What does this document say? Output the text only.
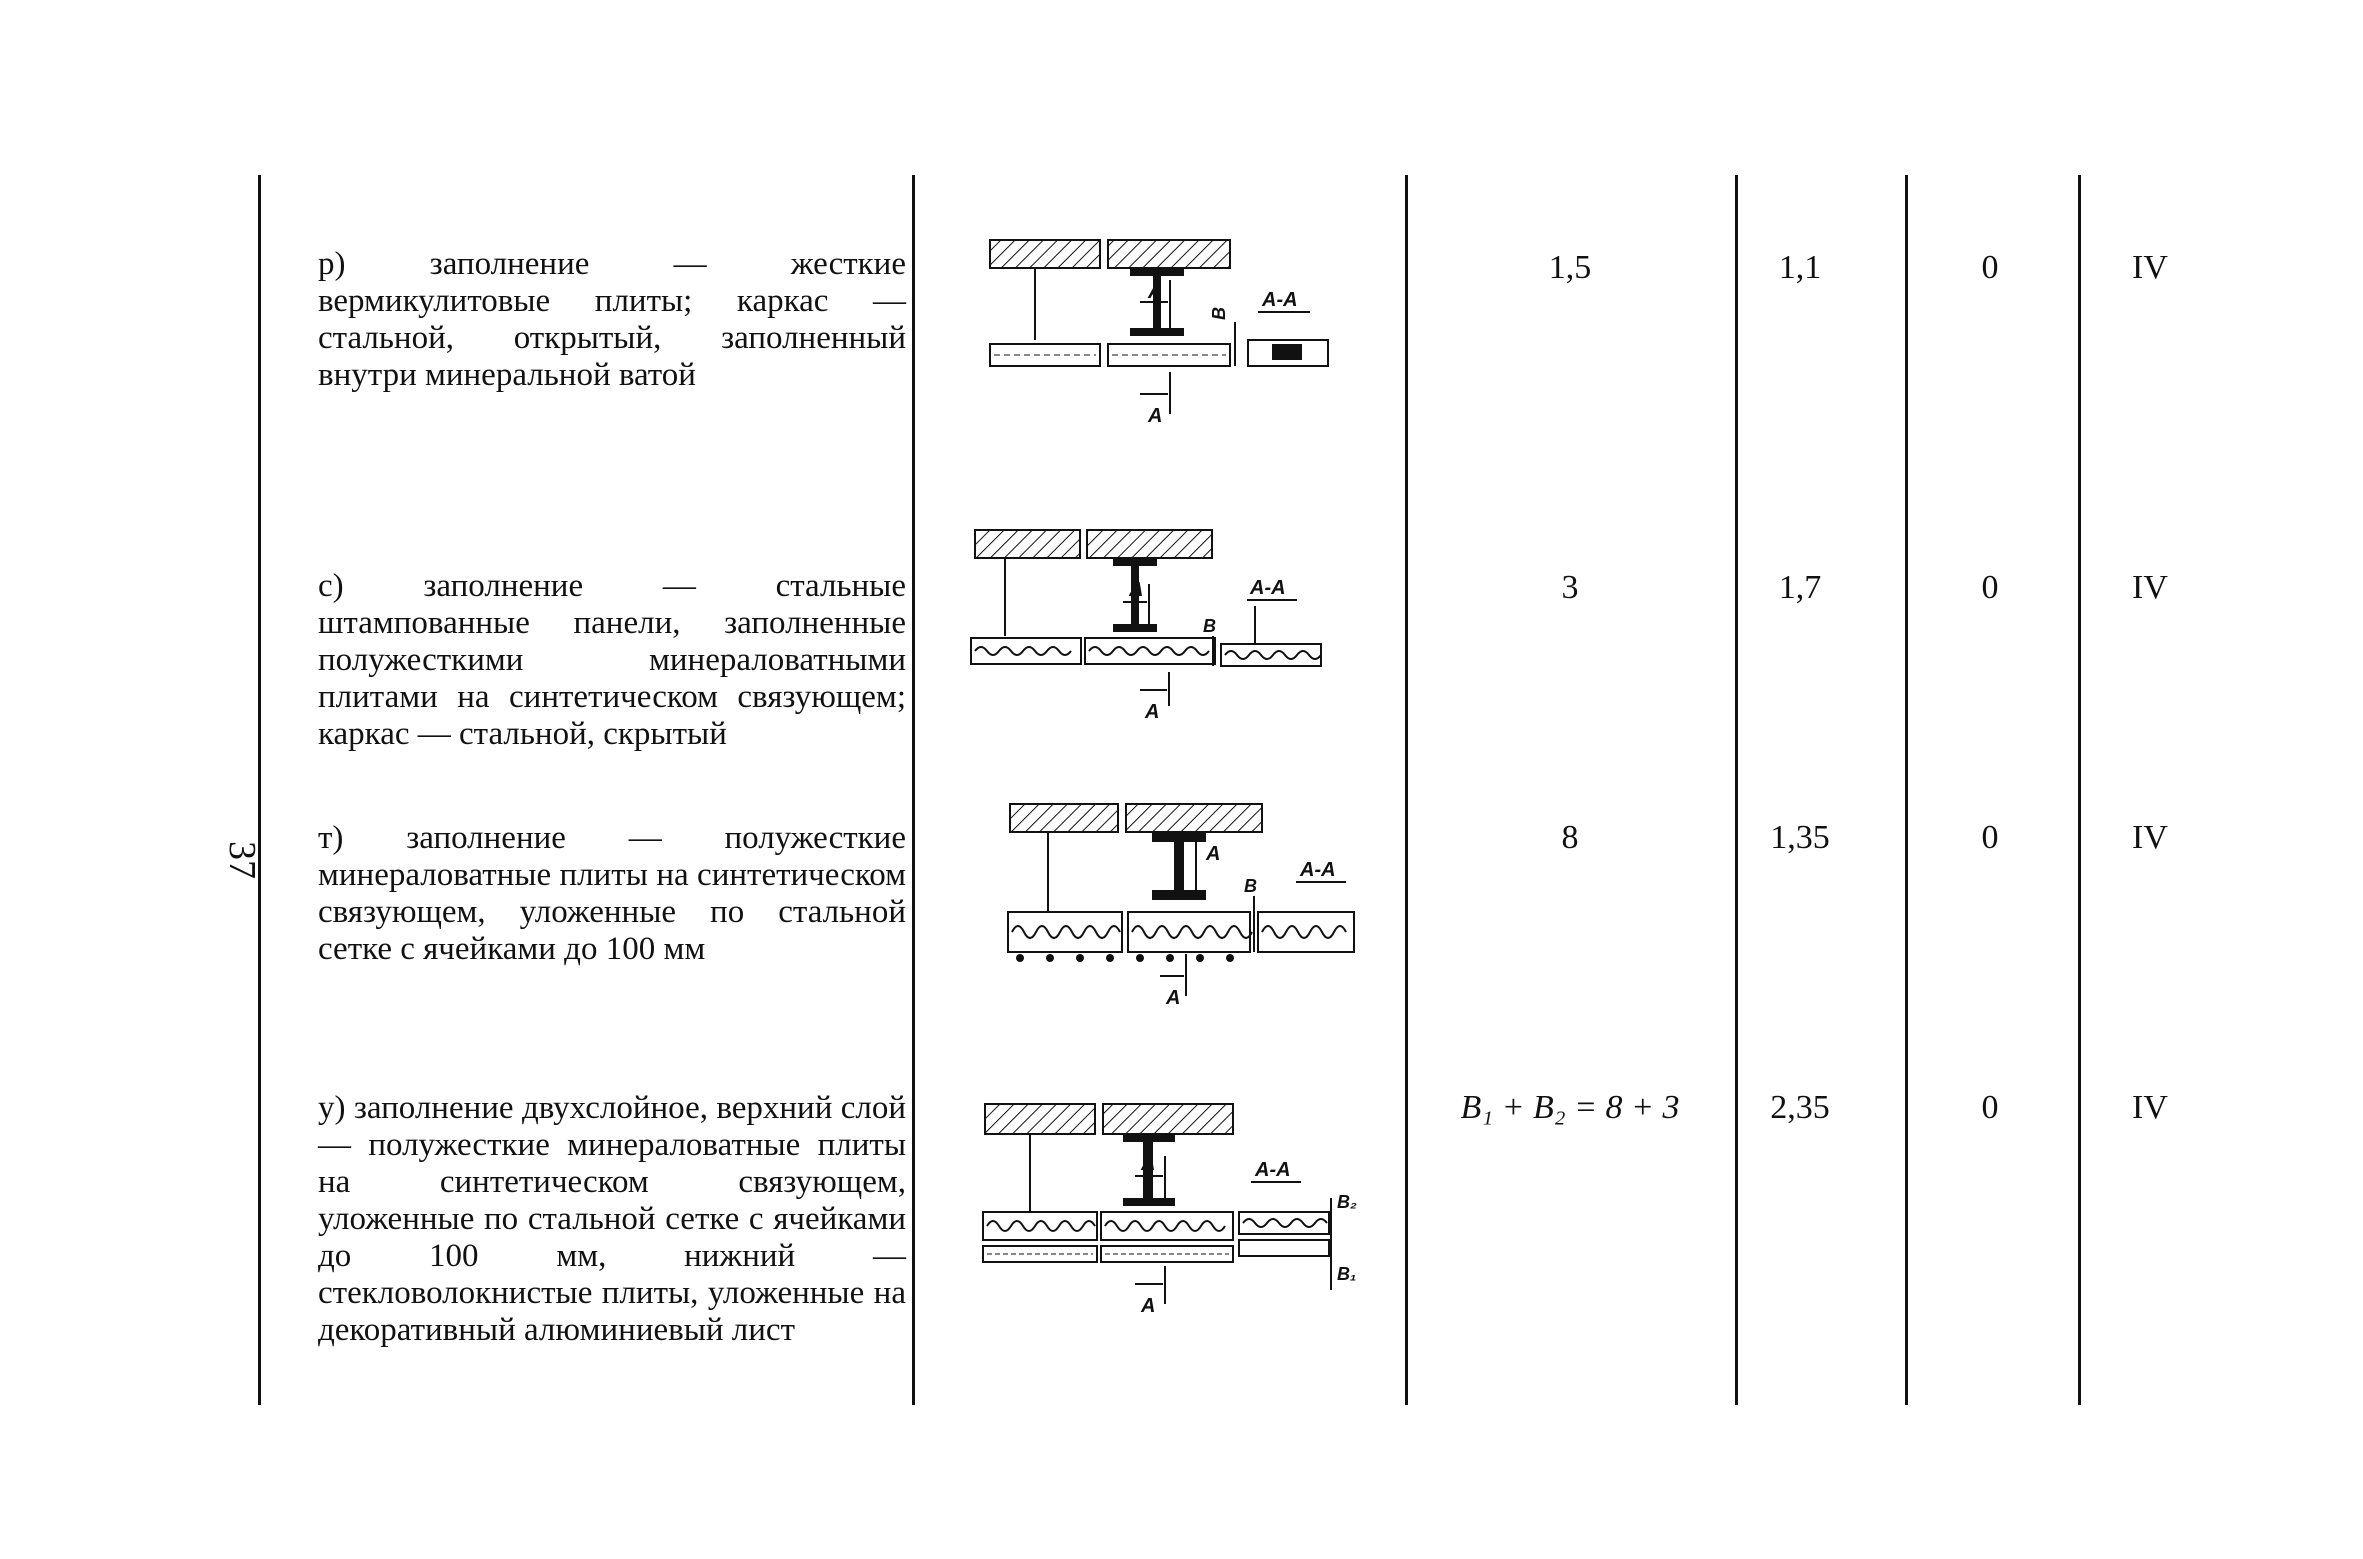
37
р) заполнение — жесткие вермикулитовые плиты; каркас — стальной, открытый, заполненный внутри минеральной ватой
1,5	1,1	0	IV
В
А-А
А
А
с) заполнение — стальные штампованные панели, заполненные полужесткими минераловатными плитами на синтетическом связующем; каркас — стальной, скрытый
3	1,7	0	IV
А-А
В
А
А
т) заполнение — полужесткие минераловатные плиты на синтетическом связующем, уложенные по стальной сетке с ячейками до 100 мм
8	1,35	0	IV
В
А-А
А
А
у) заполнение двухслойное, верхний слой — полужесткие минераловатные плиты на синтетическом связующем, уложенные по стальной сетке с ячейками до 100 мм, нижний — стекловолокнистые плиты, уложенные на декоративный алюминиевый лист
B₁ + B₂ = 8 + 3	2,35	0	IV
А-А
B₂
B₁
А
А
